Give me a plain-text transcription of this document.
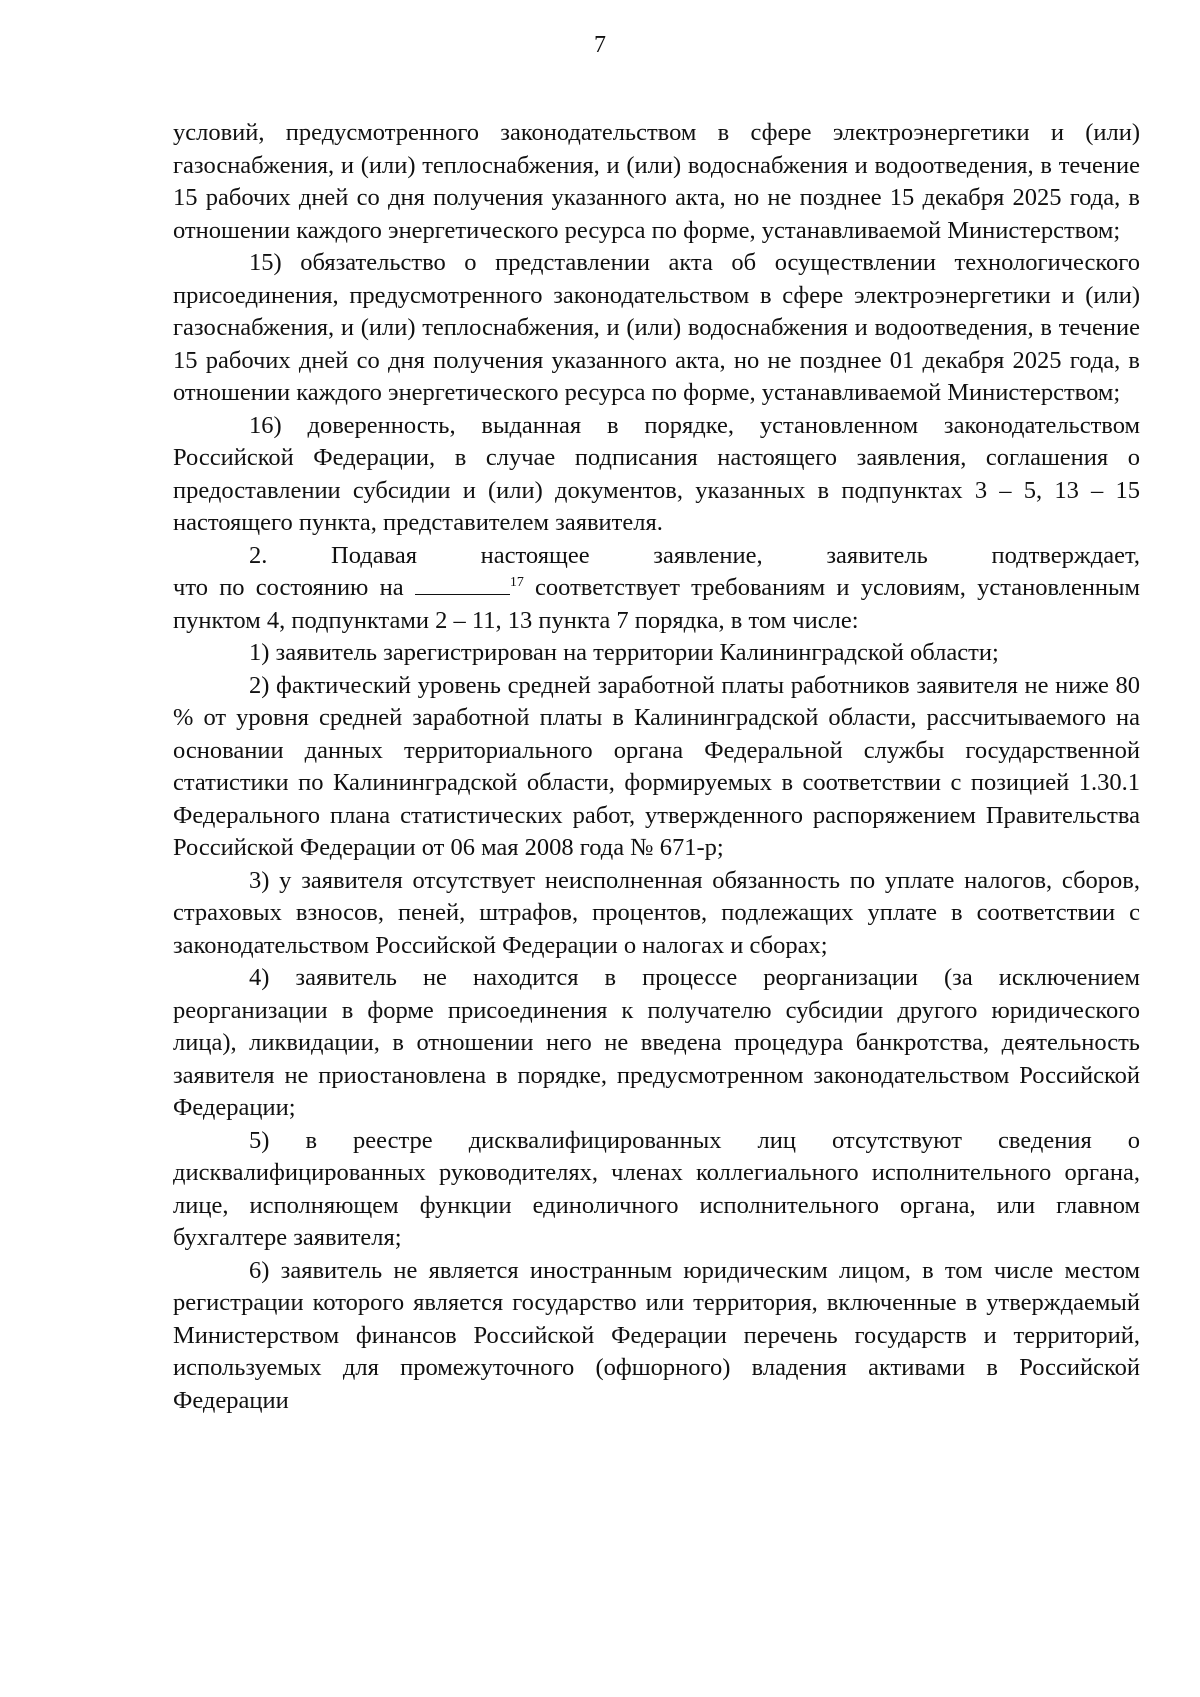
7

условий, предусмотренного законодательством в сфере электроэнергетики и (или) газоснабжения, и (или) теплоснабжения, и (или) водоснабжения и водоотведения, в течение 15 рабочих дней со дня получения указанного акта, но не позднее 15 декабря 2025 года, в отношении каждого энергетического ресурса по форме, устанавливаемой Министерством;

15) обязательство о представлении акта об осуществлении технологического присоединения, предусмотренного законодательством в сфере электроэнергетики и (или) газоснабжения, и (или) теплоснабжения, и (или) водоснабжения и водоотведения, в течение 15 рабочих дней со дня получения указанного акта, но не позднее 01 декабря 2025 года, в отношении каждого энергетического ресурса по форме, устанавливаемой Министерством;

16) доверенность, выданная в порядке, установленном законодательством Российской Федерации, в случае подписания настоящего заявления, соглашения о предоставлении субсидии и (или) документов, указанных в подпунктах 3 – 5, 13 – 15 настоящего пункта, представителем заявителя.

2. Подавая настоящее заявление, заявитель подтверждает,

что по состоянию на	$^{17}$ соответствует требованиям и условиям, установленным пунктом 4, подпунктами 2 – 11, 13 пункта 7 порядка, в том числе:

1) заявитель зарегистрирован на территории Калининградской области;

2) фактический уровень средней заработной платы работников заявителя не ниже 80 % от уровня средней заработной платы в Калининградской области, рассчитываемого на основании данных территориального органа Федеральной службы государственной статистики по Калининградской области, формируемых в соответствии с позицией 1.30.1 Федерального плана статистических работ, утвержденного распоряжением Правительства Российской Федерации от 06 мая 2008 года № 671-р;

3) у заявителя отсутствует неисполненная обязанность по уплате налогов, сборов, страховых взносов, пеней, штрафов, процентов, подлежащих уплате в соответствии с законодательством Российской Федерации о налогах и сборах;

4) заявитель не находится в процессе реорганизации (за исключением реорганизации в форме присоединения к получателю субсидии другого юридического лица), ликвидации, в отношении него не введена процедура банкротства, деятельность заявителя не приостановлена в порядке, предусмотренном законодательством Российской Федерации;

5) в реестре дисквалифицированных лиц отсутствуют сведения о дисквалифицированных руководителях, членах коллегиального исполнительного органа, лице, исполняющем функции единоличного исполнительного органа, или главном бухгалтере заявителя;

6) заявитель не является иностранным юридическим лицом, в том числе местом регистрации которого является государство или территория, включенные в утверждаемый Министерством финансов Российской Федерации перечень государств и территорий, используемых для промежуточного (офшорного) владения активами в Российской Федерации
